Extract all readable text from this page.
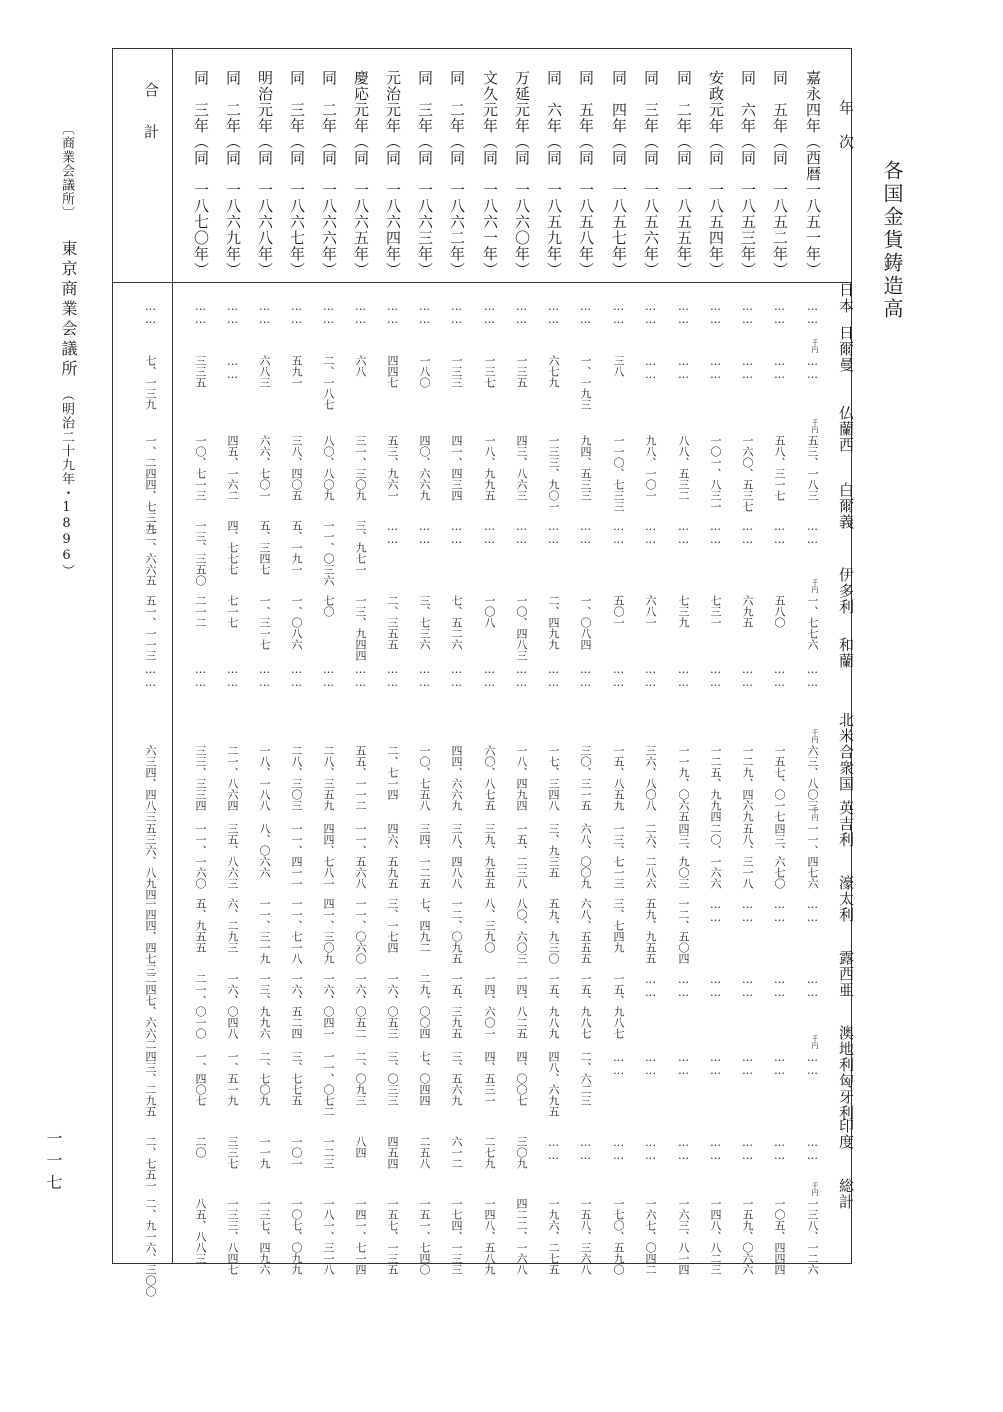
各国金貨鋳造高
年　次
日本
日爾曼
仏蘭西
白爾義
伊多利
和蘭
北米合衆国
英吉利
濠太利
露西亜
澳地利匈牙利
印度
総計
千円
千円
千円
千円
千円
千円
千円
嘉永四年（西暦一八五一年）
……
……
五三、一八三
……
一、七七六
……
六三、八〇三
一一、四七六
……
……
……
……
一三八、一二六
同　五年（同　一八五二年）
……
……
五八、三一七
……
五八〇
……
一五七、〇一七
四三、六七〇
……
……
……
……
一〇五、四四四
同　六年（同　一八五三年）
……
……
一六〇、五三七
……
六九五
……
一二九、四六九
五八、三一八
……
……
……
……
一五九、〇六六
安政元年（同　一八五四年）
……
……
一〇一、八三一
……
七三一
……
一二五、九九四
二〇、一六六
……
……
……
……
一四八、八二三
同　二年（同　一八五五年）
……
……
八八、五三二
……
七三九
……
一一九、〇六五
四三、九〇三
一二、五〇四
……
……
……
一六三、八一四
同　三年（同　一八五六年）
……
……
九八、一〇一
……
六八一
……
三六、八〇八
二六、二八六
五九、九五五
……
……
……
一六七、〇四二
同　四年（同　一八五七年）
……
三八
一一〇、七三三
……
五〇一
……
一五、八五九
一三、七一三
三、七四九
一五、九八七
……
……
一七〇、五九〇
同　五年（同　一八五八年）
……
一、一九三
九四、五三三
……
一、〇八四
……
三〇、三一五
六八、〇〇九
六八、五五五
一五、九八七
二、六二三
……
一五八、三六八
同　六年（同　一八五九年）
……
六七九
一三三、九〇一
……
二、四九九
……
一七、三四八
三、九三五
五九、九三〇
一五、九八九
四八、六九五
……
一九六、二七五
万延元年（同　一八六〇年）
……
一三五
四三、八六三
……
一〇、四八三
……
一八、四九四
一五、二三八
八〇、六〇三
一四、八二五
四、〇〇七
三〇九
四二二、一六八
文久元年（同　一八六一年）
……
一三七
一八、九九五
……
一〇八
……
六〇、八七五
三九、九五五
八、三九〇
一四、六〇一
四、五三一
二七九
一四八、五八九
同　二年（同　一八六二年）
……
一三三
四一、四三四
……
七、五二六
……
四四、六六九
三八、四八八
一二、〇九五
一五、三九五
三、五六九
六一二
一七四、一三三
同　三年（同　一八六三年）
……
一八〇
四〇、六六九
……
三、七三六
……
一〇、七五八
三四、一二五
七、四九二
二九、〇〇四
七、〇四四
二五八
一五一、七四〇
元治元年（同　一八六四年）
……
四四七
五三、九六一
……
二、三五五
……
二、七一四
四六、五九五
三、一七四
一六、〇五三
三、〇三三
四五四
一五七、一三五
慶応元年（同　一八六五年）
……
六八
三一、三〇九
三、九七一
一三、九四四
……
五五、一一二
一一、五六八
一一、〇六〇
一六、〇五二
二、〇九三
八四
一四一、七一四
同　二年（同　一八六六年）
……
二、一八七
八〇、八〇九
一一、〇三六
七〇
……
二八、三五九
四四、七八一
四一、三〇九
一六、〇四一
一一、〇七二
一二三
一八一、三一八
同　三年（同　一八六七年）
……
五九一
三八、四〇五
五、一九一
一、〇八六
……
二八、三〇三
一一、四一一
一一、七一八
一六、五二四
三、七七五
一〇一
一〇七、〇九九
明治元年（同　一八六八年）
……
六八三
六六、七〇一
五、三四七
一、三一七
……
一八、一八八
八、〇六六
一一、三一九
一三、九九六
二、七〇九
一一九
一三七、四九六
同　二年（同　一八六九年）
……
……
四五、一六二
四、七七七
七一七
……
二一、八六四
三五、八六三
六、二九三
一六、〇四八
一、五一九
三三七
一三三、八四七
同　三年（同　一八七〇年）
……
三三五
一〇、七一三
一三、三五〇
二一二
……
三三、三三四
一一、一六〇
五、九五五
二一、〇一〇
一、四〇七
二〇
八五、八八三
合　計
……
七、一三九
一、二四四、七三九
三二、六六五
五一、一一三
……
六三四、四八三
五三六、八九四
一四四、四七三
二四七、六六二
四三、二九五
二、七五一
二、九一六、三〇〇
一一七
〔商業会議所〕
東京商業会議所
（明治二十九年・1896）
